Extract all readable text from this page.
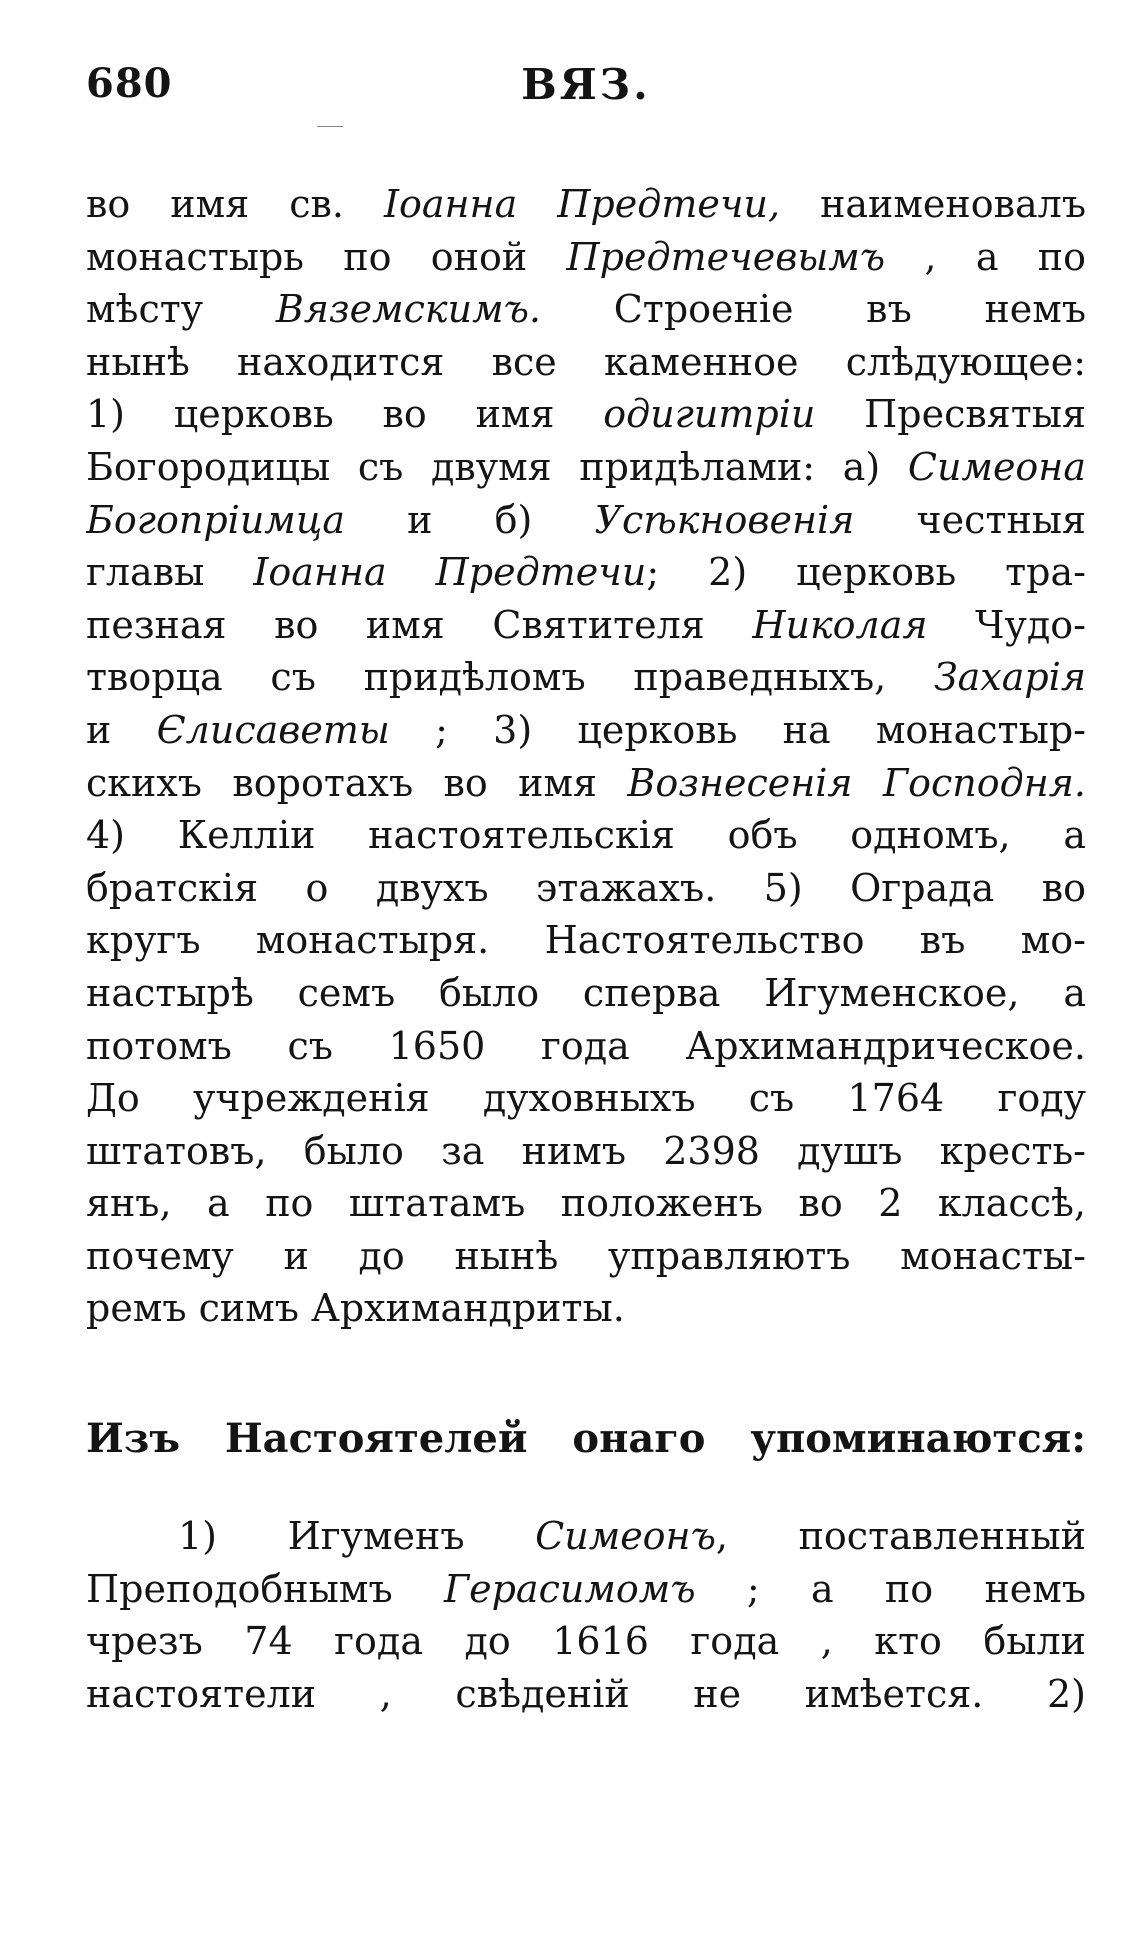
680	ВЯЗ.
во имя св. Іоанна Предтечи, наименовалъ
монастырь по оной Предтечевымъ , а по
мѣсту Вяземскимъ. Строеніе въ немъ
нынѣ находится все каменное слѣдующее:
1) церковь во имя одигитріи Пресвятыя
Богородицы съ двумя придѣлами: а) Симеона
Богопріимца и б) Усѣкновенія честныя
главы Іоанна Предтечи; 2) церковь тра-
пезная во имя Святителя Николая Чудо-
творца съ придѣломъ праведныхъ, Захарія
и Єлисаветы ; 3) церковь на монастыр-
скихъ воротахъ во имя Вознесенія Господня.
4) Келліи настоятельскія объ одномъ, а
братскія о двухъ этажахъ. 5) Ограда во
кругъ монастыря. Настоятельство въ мо-
настырѣ семъ было сперва Игуменское, а
потомъ съ 1650 года Архимандрическое.
До учрежденія духовныхъ съ 1764 году
штатовъ, было за нимъ 2398 душъ кресть-
янъ, а по штатамъ положенъ во 2 классѣ,
почему и до нынѣ управляютъ монасты-
ремъ симъ Архимандриты.
Изъ Настоятелей онаго упоминаются:
1) Игуменъ Симеонъ, поставленный
Преподобнымъ Герасимомъ ; а по немъ
чрезъ 74 года до 1616 года , кто были
настоятели , свѣденій не имѣется. 2)
